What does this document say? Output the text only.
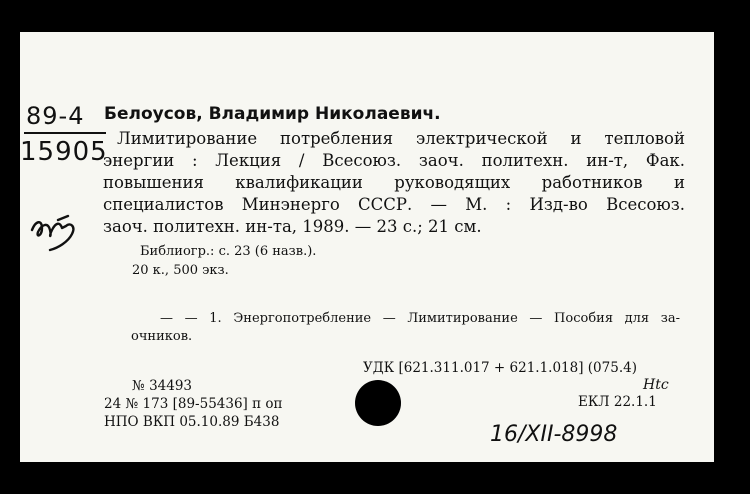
89-4
15905
Белоусов, Владимир Николаевич.
Лимитирование потребления электрической и тепловой
энергии : Лекция / Всесоюз. заоч. политехн. ин-т, Фак.
повышения квалификации руководящих работников и
специалистов Минэнерго СССР. — М. : Изд-во Всесоюз.
заоч. политехн. ин-та, 1989. — 23 с.; 21 см.
Библиогр.: с. 23 (6 назв.).
20 к., 500 экз.
— — 1. Энергопотребление — Лимитирование — Пособия для за-
очников.
УДК [621.311.017 + 621.1.018] (075.4)
№ 34493
24 № 173 [89-55436] п оп
НПО ВКП 05.10.89 Б438
ЕКЛ 22.1.1
Htc
16/XII-8998
